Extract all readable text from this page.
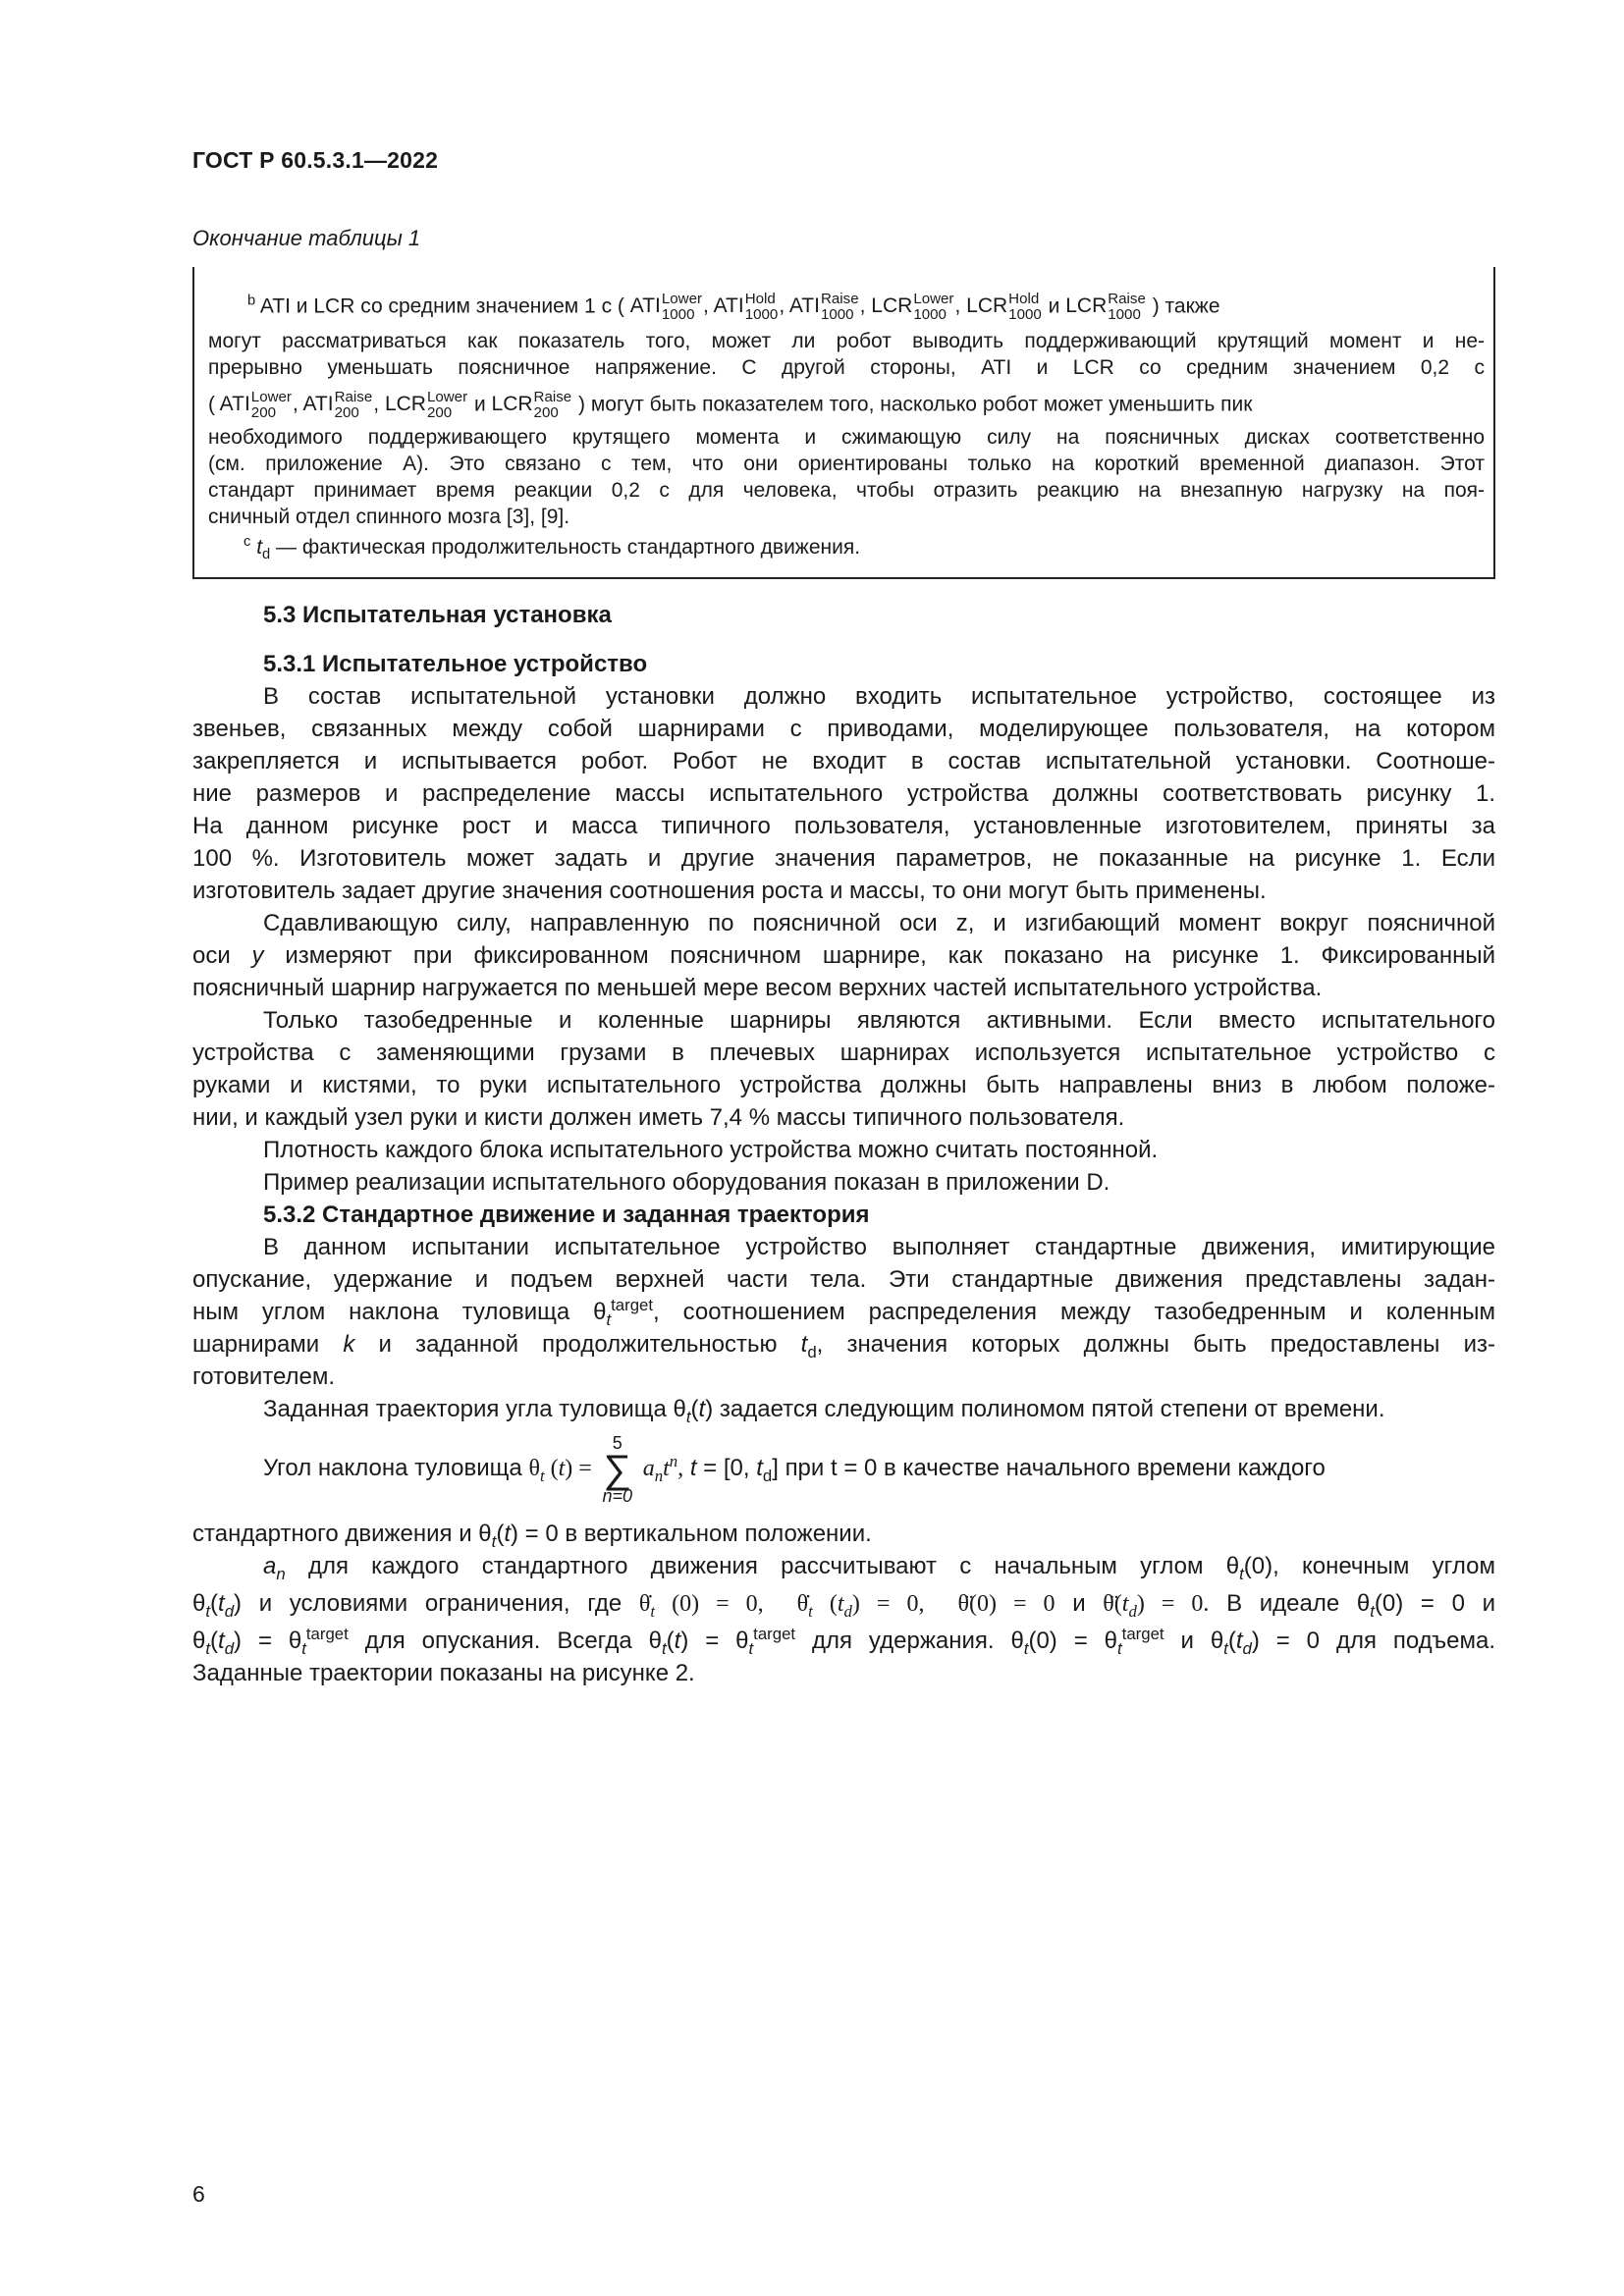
ГОСТ Р 60.5.3.1—2022
Окончание таблицы 1
$^b$ ATI и LCR со средним значением 1 с ( ATI Lower
1000 , ATI Hold
1000 , ATI Raise
1000 , LCR Lower
1000 , LCR Hold
1000 и LCR Raise
1000 ) также
могут рассматриваться как показатель того, может ли робот выводить поддерживающий крутящий момент и не-
прерывно уменьшать поясничное напряжение. С другой стороны, ATI и LCR со средним значением 0,2 с
( ATI Lower
200 , ATI Raise
200 , LCR Lower
200	и LCR Raise
200 ) могут быть показателем того, насколько робот может уменьшить пик
необходимого поддерживающего крутящего момента и сжимающую силу на поясничных дисках соответственно
(см. приложение А). Это связано с тем, что они ориентированы только на короткий временной диапазон. Этот
стандарт принимает время реакции 0,2 с для человека, чтобы отразить реакцию на внезапную нагрузку на поя-
сничный отдел спинного мозга [3], [9].
$^c$ $t_d$ — фактическая продолжительность стандартного движения.
5.3 Испытательная установка
5.3.1 Испытательное устройство
В состав испытательной установки должно входить испытательное устройство, состоящее из
звеньев, связанных между собой шарнирами с приводами, моделирующее пользователя, на котором
закрепляется и испытывается робот. Робот не входит в состав испытательной установки. Соотноше-
ние размеров и распределение массы испытательного устройства должны соответствовать рисунку 1.
На данном рисунке рост и масса типичного пользователя, установленные изготовителем, приняты за
100 %. Изготовитель может задать и другие значения параметров, не показанные на рисунке 1. Если
изготовитель задает другие значения соотношения роста и массы, то они могут быть применены.
Сдавливающую силу, направленную по поясничной оси z, и изгибающий момент вокруг поясничной
оси y измеряют при фиксированном поясничном шарнире, как показано на рисунке 1. Фиксированный
поясничный шарнир нагружается по меньшей мере весом верхних частей испытательного устройства.
Только тазобедренные и коленные шарниры являются активными. Если вместо испытательного
устройства с заменяющими грузами в плечевых шарнирах используется испытательное устройство с
руками и кистями, то руки испытательного устройства должны быть направлены вниз в любом положе-
нии, и каждый узел руки и кисти должен иметь 7,4 % массы типичного пользователя.
Плотность каждого блока испытательного устройства можно считать постоянной.
Пример реализации испытательного оборудования показан в приложении D.
5.3.2 Стандартное движение и заданная траектория
В данном испытании испытательное устройство выполняет стандартные движения, имитирующие
опускание, удержание и подъем верхней части тела. Эти стандартные движения представлены задан-
ным углом наклона туловища $\theta_t^{target}$, соотношением распределения между тазобедренным и коленным
шарнирами k и заданной продолжительностью $t_d$, значения которых должны быть предоставлены из-
готовителем.
Заданная траектория угла туловища $\theta_t(t)$ задается следующим полиномом пятой степени от времени.
Угол наклона туловища $\theta_t$ (t) =
5
∑
n=0
$a_nt^n$, t = [0, $t_d$] при t = 0 в качестве начального времени каждого
стандартного движения и $\theta_t(t) = 0$ в вертикальном положении.
$a_n$ для каждого стандартного движения рассчитывают с начальным углом $\theta_t(0)$, конечным углом
$\theta_t(t_d)$ и условиями ограничения, где $\thetȧ_t$ (0) = 0,  $\thetȧ_t$ $(t_d) = 0$,  θ̈(0) = 0 и $\thetä(t_d) = 0$. В идеале $\theta_t(0) = 0$ и
$\theta_t(t_d) = \theta_t^{target}$ для опускания. Всегда $\theta_t(t) = \theta_t^{target}$ для удержания. $\theta_t(0) = \theta_t^{target}$ и $\theta_t(t_d) = 0$ для подъема.
Заданные траектории показаны на рисунке 2.
6
